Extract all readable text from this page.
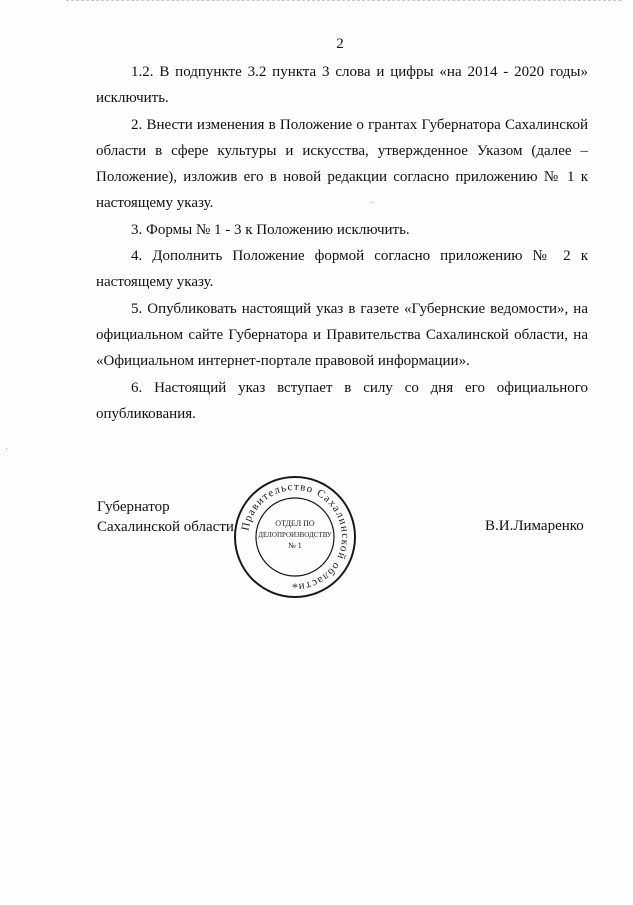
2

1.2. В подпункте 3.2 пункта 3 слова и цифры «на 2014 - 2020 годы» исключить.

2. Внести изменения в Положение о грантах Губернатора Сахалинской области в сфере культуры и искусства, утвержденное Указом (далее – Положение), изложив его в новой редакции согласно приложению № 1 к настоящему указу.

3. Формы № 1 - 3 к Положению исключить.

4. Дополнить Положение формой согласно приложению № 2 к настоящему указу.

5. Опубликовать настоящий указ в газете «Губернские ведомости», на официальном сайте Губернатора и Правительства Сахалинской области, на «Официальном интернет-портале правовой информации».

6. Настоящий указ вступает в силу со дня его официального опубликования.

Губернатор
Сахалинской области	В.И.Лимаренко
Правительство Сахалинской области
ОТДЕЛ ПО
ДЕЛОПРОИЗВОДСТВУ
№ 1
*
